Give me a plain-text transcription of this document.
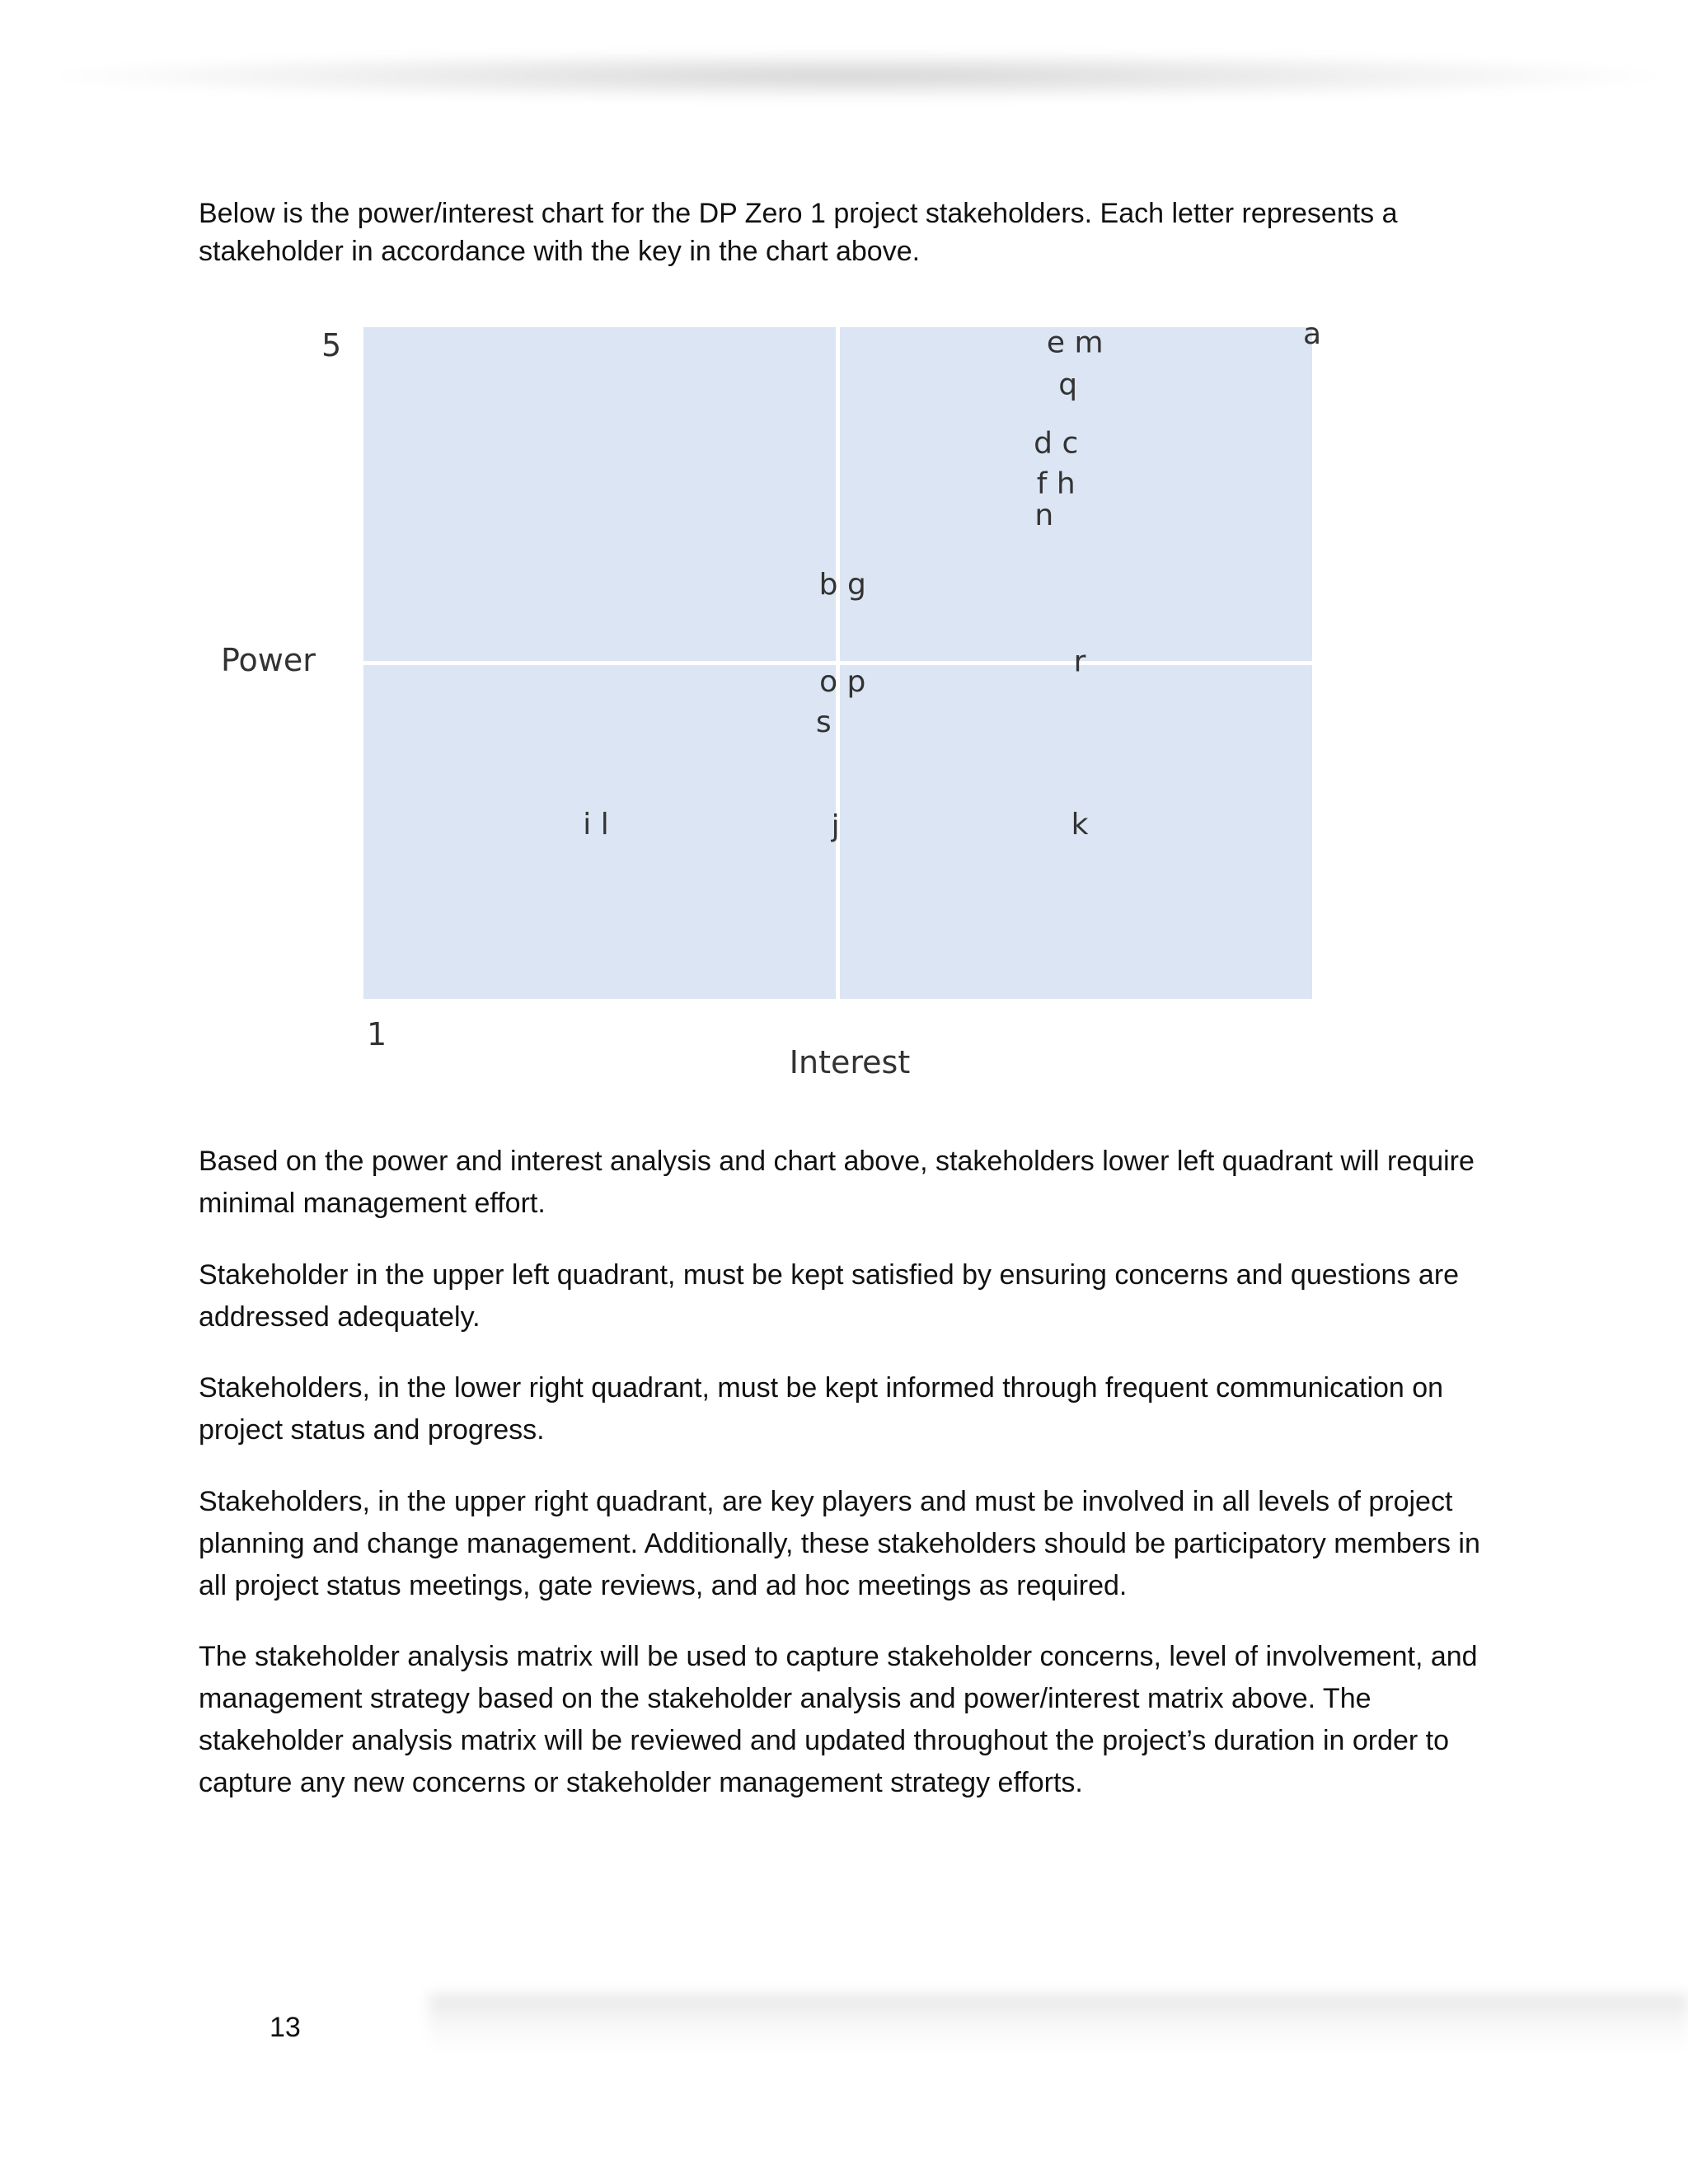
Below is the power/interest chart for the DP Zero 1 project stakeholders. Each letter represents a
stakeholder in accordance with the key in the chart above.

e m	a
q
d c
f h
n
b g
r
o p
s
i l	j	k
5
1
Power
Interest

Based on the power and interest analysis and chart above, stakeholders lower left quadrant will require
minimal management effort.

Stakeholder in the upper left quadrant, must be kept satisfied by ensuring concerns and questions are
addressed adequately.

Stakeholders, in the lower right quadrant, must be kept informed through frequent communication on
project status and progress.

Stakeholders, in the upper right quadrant, are key players and must be involved in all levels of project
planning and change management. Additionally, these stakeholders should be participatory members in
all project status meetings, gate reviews, and ad hoc meetings as required.

The stakeholder analysis matrix will be used to capture stakeholder concerns, level of involvement, and
management strategy based on the stakeholder analysis and power/interest matrix above. The
stakeholder analysis matrix will be reviewed and updated throughout the project’s duration in order to
capture any new concerns or stakeholder management strategy efforts.

13
